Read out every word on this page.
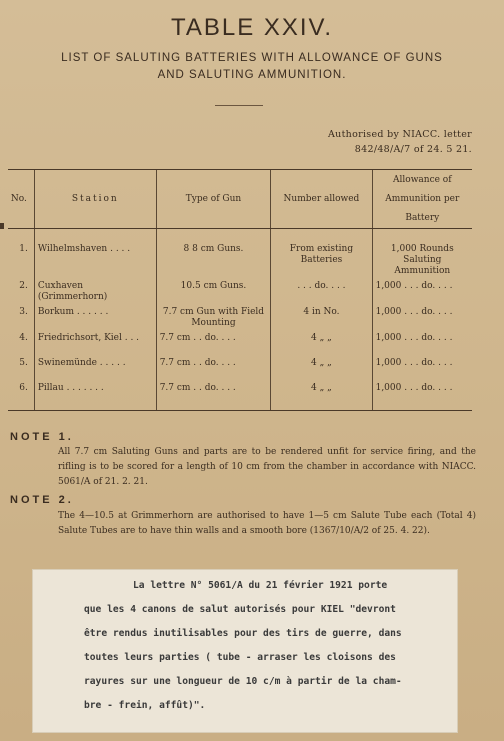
TABLE XXIV.
LIST OF SALUTING BATTERIES WITH ALLOWANCE OF GUNS
AND SALUTING AMMUNITION.
Authorised by NIACC. letter
842/48/A/7 of 24. 5 21.
No.	Station	Type of Gun	Number allowed	Allowance of Ammunition per Battery
1.	Wilhelmshaven . . . .	8 8 cm Guns.	From existing Batteries	1,000 Rounds Saluting Ammunition
2.	Cuxhaven (Grimmerhorn)	10.5 cm Guns.	. . . do. . . .	1,000 . . . do. . . .
3.	Borkum . . . . . .	7.7 cm Gun with Field Mounting	4 in No.	1,000 . . . do. . . .
4.	Friedrichsort, Kiel . . .	7.7 cm . . do. . . .	4 „ „	1,000 . . . do. . . .
5.	Swinemünde . . . . .	7.7 cm . . do. . . .	4 „ „	1,000 . . . do. . . .
6.	Pillau . . . . . . .	7.7 cm . . do. . . .	4 „ „	1,000 . . . do. . . .
NOTE 1.
All 7.7 cm Saluting Guns and parts are to be rendered unfit for service firing, and the rifling is to be scored for a length of 10 cm from the chamber in accordance with NIACC. 5061/A of 21. 2. 21.
NOTE 2.
The 4—10.5 at Grimmerhorn are authorised to have 1—5 cm Salute Tube each (Total 4) Salute Tubes are to have thin walls and a smooth bore (1367/10/A/2 of 25. 4. 22).
La lettre N° 5061/A du 21 février 1921 porte
que les 4 canons de salut autorisés pour KIEL "devront
être rendus inutilisables pour des tirs de guerre, dans
toutes leurs parties ( tube - arraser les cloisons des
rayures sur une longueur de 10 c/m à partir de la cham-
bre - frein, affût)".
